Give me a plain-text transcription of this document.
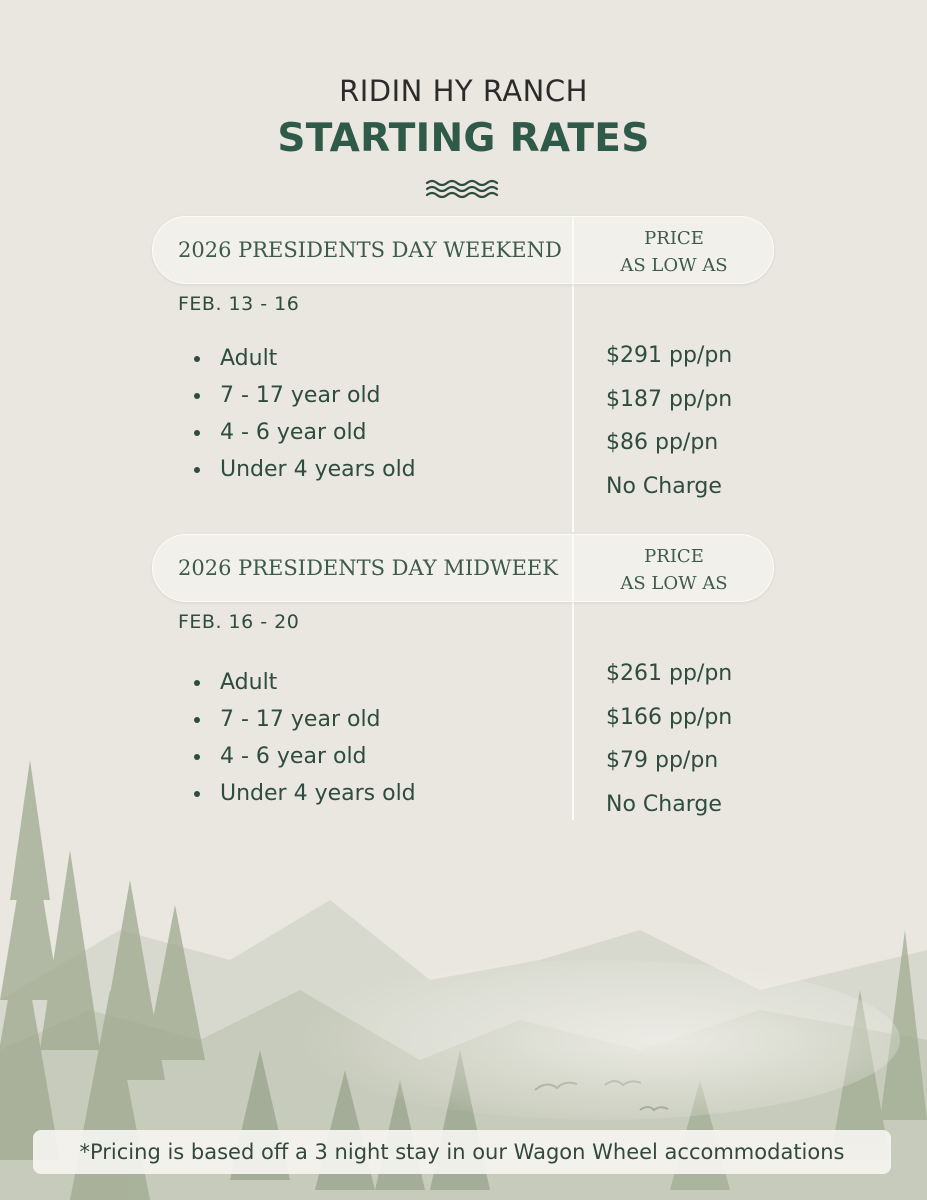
RIDIN HY RANCH
STARTING RATES
2026 PRESIDENTS DAY WEEKEND	PRICE
AS LOW AS
FEB. 13 - 16
Adult
7 - 17 year old
4 - 6 year old
Under 4 years old
$291 pp/pn
$187 pp/pn
$86 pp/pn
No Charge
2026 PRESIDENTS DAY MIDWEEK	PRICE
AS LOW AS
FEB. 16 - 20
Adult
7 - 17 year old
4 - 6 year old
Under 4 years old
$261 pp/pn
$166 pp/pn
$79 pp/pn
No Charge
*Pricing is based off a 3 night stay in our Wagon Wheel accommodations
